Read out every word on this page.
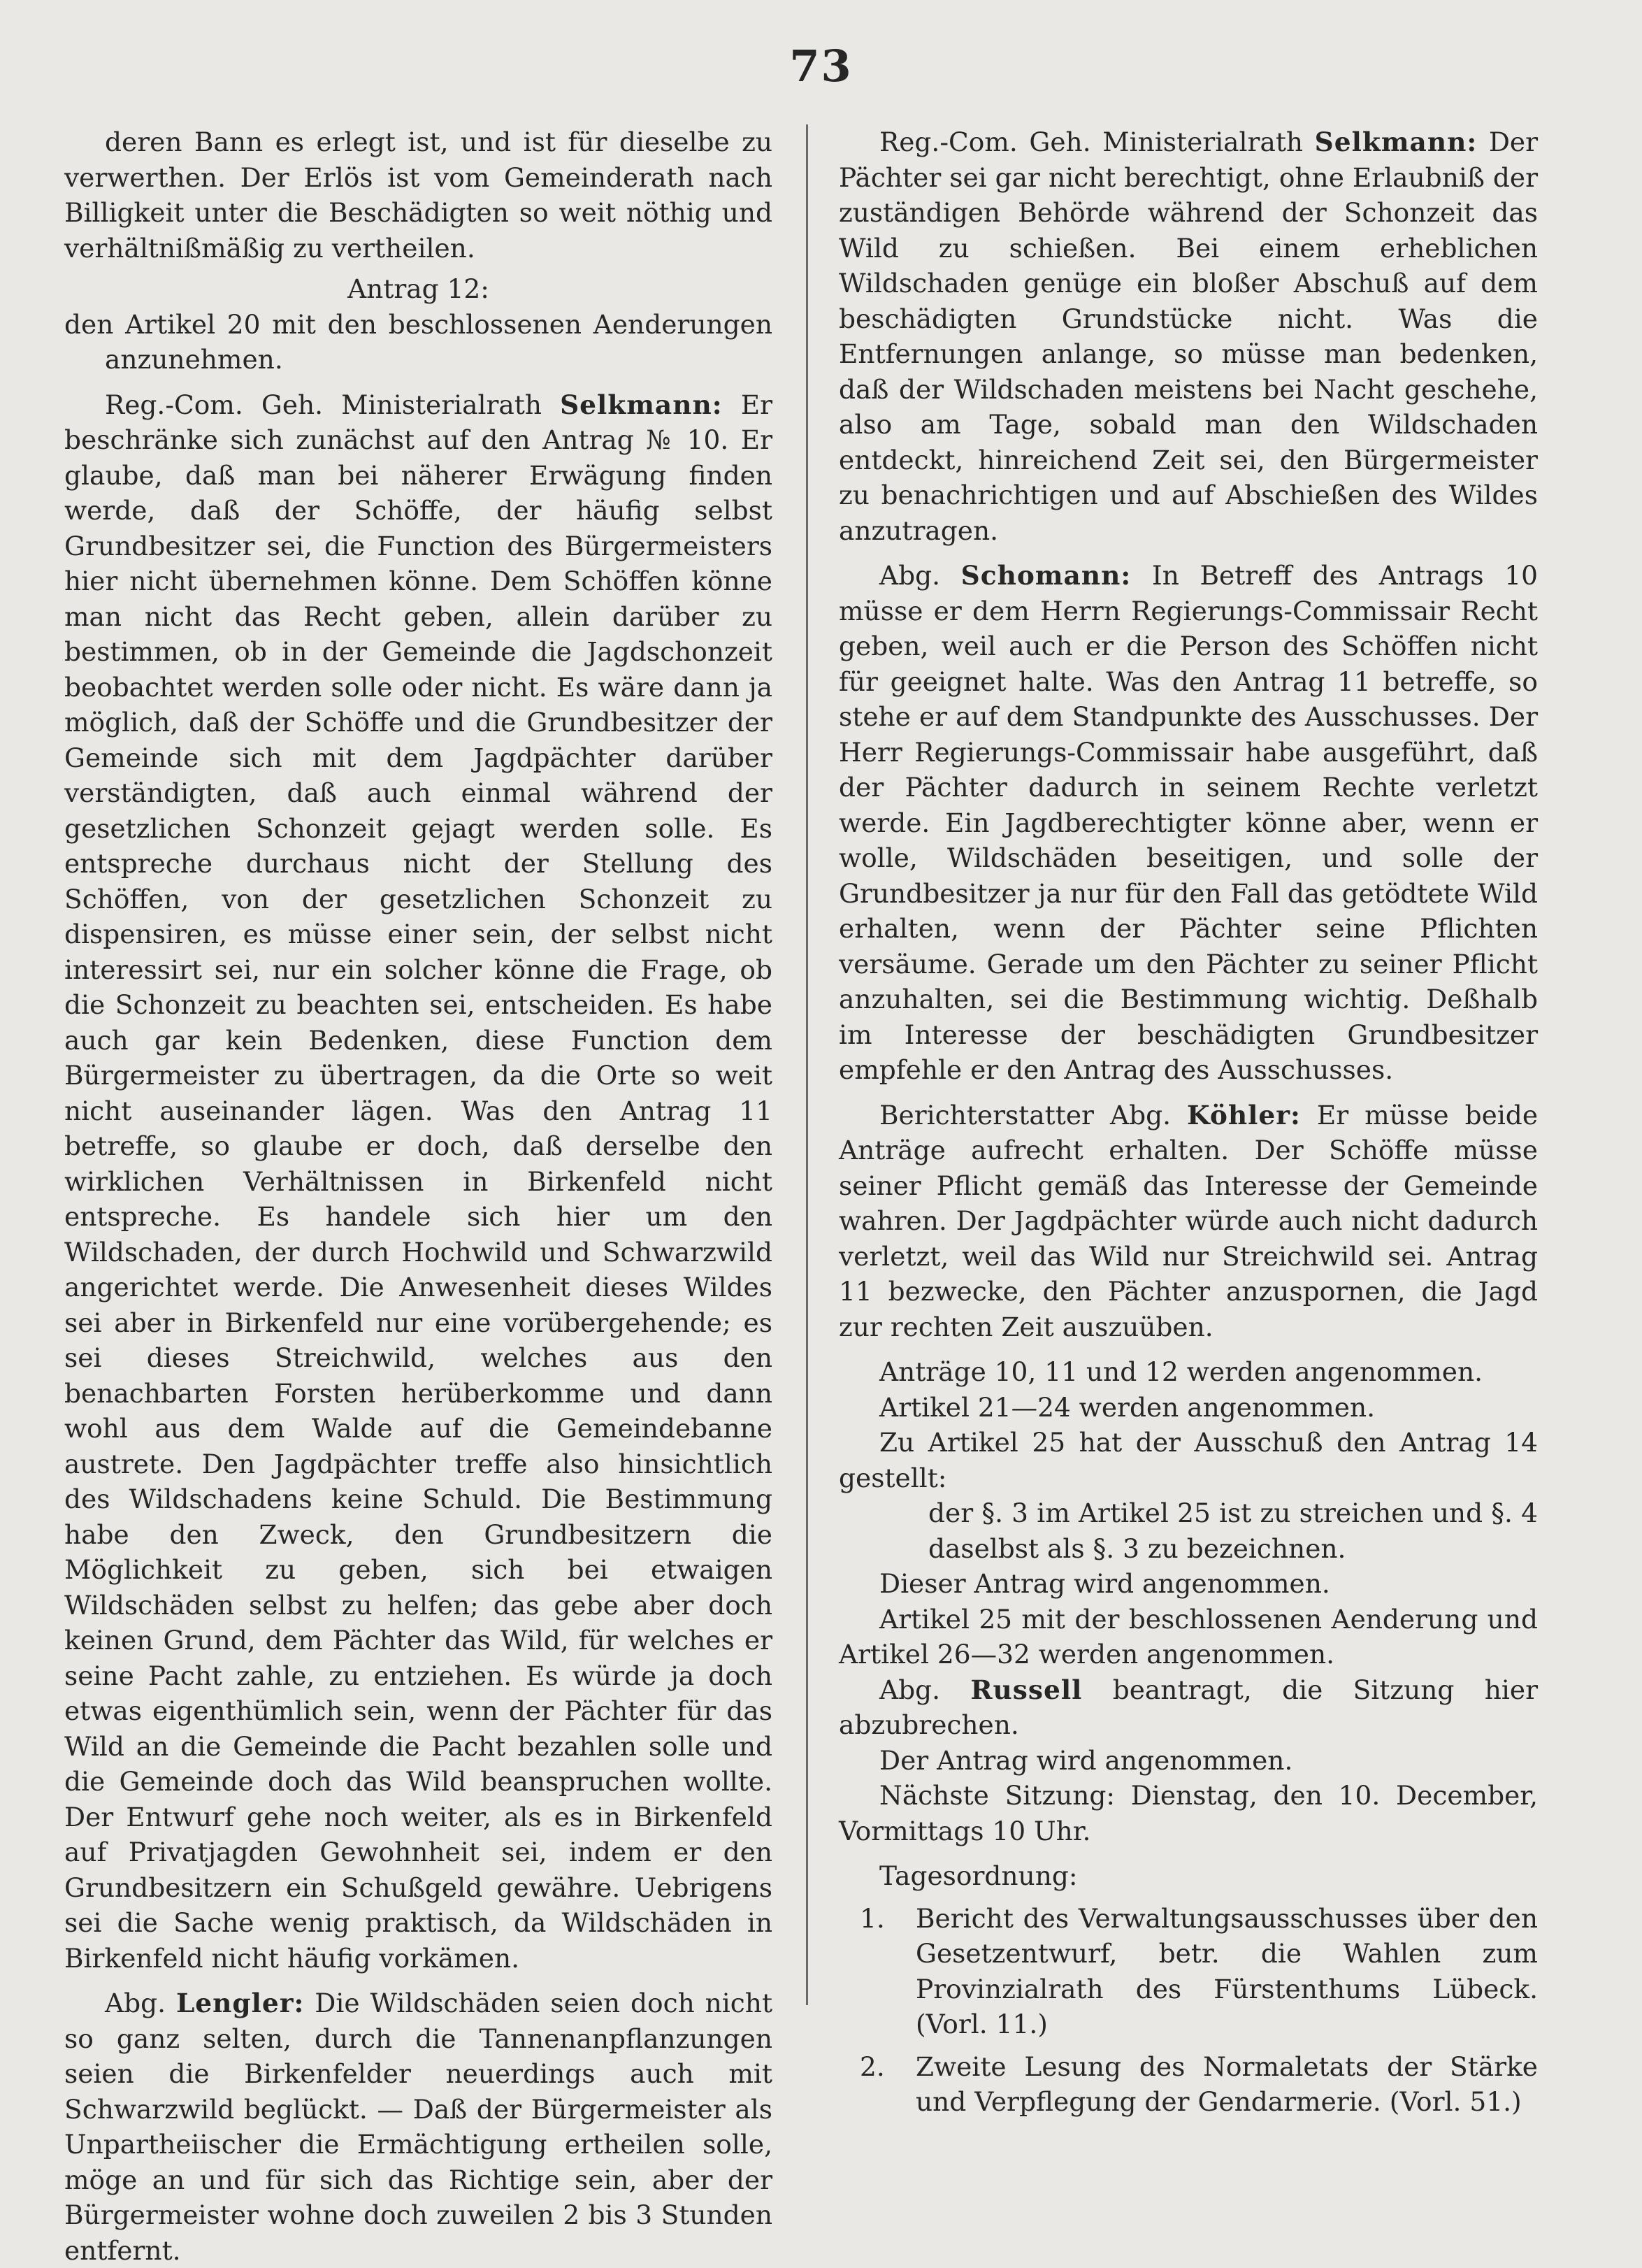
73

deren Bann es erlegt ist, und ist für dieselbe zu verwerthen. Der Erlös ist vom Gemeinderath nach Billigkeit unter die Beschädigten so weit nöthig und verhältnißmäßig zu vertheilen.

Antrag 12:

den Artikel 20 mit den beschlossenen Aenderungen anzunehmen.

Reg.-Com. Geh. Ministerialrath Selkmann: Er beschränke sich zunächst auf den Antrag № 10. Er glaube, daß man bei näherer Erwägung finden werde, daß der Schöffe, der häufig selbst Grundbesitzer sei, die Function des Bürgermeisters hier nicht übernehmen könne. Dem Schöffen könne man nicht das Recht geben, allein darüber zu bestimmen, ob in der Gemeinde die Jagdschonzeit beobachtet werden solle oder nicht. Es wäre dann ja möglich, daß der Schöffe und die Grundbesitzer der Gemeinde sich mit dem Jagdpächter darüber verständigten, daß auch einmal während der gesetzlichen Schonzeit gejagt werden solle. Es entspreche durchaus nicht der Stellung des Schöffen, von der gesetzlichen Schonzeit zu dispensiren, es müsse einer sein, der selbst nicht interessirt sei, nur ein solcher könne die Frage, ob die Schonzeit zu beachten sei, entscheiden. Es habe auch gar kein Bedenken, diese Function dem Bürgermeister zu übertragen, da die Orte so weit nicht auseinander lägen. Was den Antrag 11 betreffe, so glaube er doch, daß derselbe den wirklichen Verhältnissen in Birkenfeld nicht entspreche. Es handele sich hier um den Wildschaden, der durch Hochwild und Schwarzwild angerichtet werde. Die Anwesenheit dieses Wildes sei aber in Birkenfeld nur eine vorübergehende; es sei dieses Streichwild, welches aus den benachbarten Forsten herüberkomme und dann wohl aus dem Walde auf die Gemeindebanne austrete. Den Jagdpächter treffe also hinsichtlich des Wildschadens keine Schuld. Die Bestimmung habe den Zweck, den Grundbesitzern die Möglichkeit zu geben, sich bei etwaigen Wildschäden selbst zu helfen; das gebe aber doch keinen Grund, dem Pächter das Wild, für welches er seine Pacht zahle, zu entziehen. Es würde ja doch etwas eigenthümlich sein, wenn der Pächter für das Wild an die Gemeinde die Pacht bezahlen solle und die Gemeinde doch das Wild beanspruchen wollte. Der Entwurf gehe noch weiter, als es in Birkenfeld auf Privatjagden Gewohnheit sei, indem er den Grundbesitzern ein Schußgeld gewähre. Uebrigens sei die Sache wenig praktisch, da Wildschäden in Birkenfeld nicht häufig vorkämen.

Abg. Lengler: Die Wildschäden seien doch nicht so ganz selten, durch die Tannenanpflanzungen seien die Birkenfelder neuerdings auch mit Schwarzwild beglückt. — Daß der Bürgermeister als Unpartheiischer die Ermächtigung ertheilen solle, möge an und für sich das Richtige sein, aber der Bürgermeister wohne doch zuweilen 2 bis 3 Stunden entfernt.

Reg.-Com. Geh. Ministerialrath Selkmann: Der Pächter sei gar nicht berechtigt, ohne Erlaubniß der zuständigen Behörde während der Schonzeit das Wild zu schießen. Bei einem erheblichen Wildschaden genüge ein bloßer Abschuß auf dem beschädigten Grundstücke nicht. Was die Entfernungen anlange, so müsse man bedenken, daß der Wildschaden meistens bei Nacht geschehe, also am Tage, sobald man den Wildschaden entdeckt, hinreichend Zeit sei, den Bürgermeister zu benachrichtigen und auf Abschießen des Wildes anzutragen.

Abg. Schomann: In Betreff des Antrags 10 müsse er dem Herrn Regierungs-Commissair Recht geben, weil auch er die Person des Schöffen nicht für geeignet halte. Was den Antrag 11 betreffe, so stehe er auf dem Standpunkte des Ausschusses. Der Herr Regierungs-Commissair habe ausgeführt, daß der Pächter dadurch in seinem Rechte verletzt werde. Ein Jagdberechtigter könne aber, wenn er wolle, Wildschäden beseitigen, und solle der Grundbesitzer ja nur für den Fall das getödtete Wild erhalten, wenn der Pächter seine Pflichten versäume. Gerade um den Pächter zu seiner Pflicht anzuhalten, sei die Bestimmung wichtig. Deßhalb im Interesse der beschädigten Grundbesitzer empfehle er den Antrag des Ausschusses.

Berichterstatter Abg. Köhler: Er müsse beide Anträge aufrecht erhalten. Der Schöffe müsse seiner Pflicht gemäß das Interesse der Gemeinde wahren. Der Jagdpächter würde auch nicht dadurch verletzt, weil das Wild nur Streichwild sei. Antrag 11 bezwecke, den Pächter anzuspornen, die Jagd zur rechten Zeit auszuüben.

Anträge 10, 11 und 12 werden angenommen.

Artikel 21—24 werden angenommen.

Zu Artikel 25 hat der Ausschuß den Antrag 14 gestellt:

der §. 3 im Artikel 25 ist zu streichen und §. 4 daselbst als §. 3 zu bezeichnen.

Dieser Antrag wird angenommen.

Artikel 25 mit der beschlossenen Aenderung und Artikel 26—32 werden angenommen.

Abg. Russell beantragt, die Sitzung hier abzubrechen.

Der Antrag wird angenommen.

Nächste Sitzung: Dienstag, den 10. December, Vormittags 10 Uhr.

Tagesordnung:

1. Bericht des Verwaltungsausschusses über den Gesetzentwurf, betr. die Wahlen zum Provinzialrath des Fürstenthums Lübeck. (Vorl. 11.)

2. Zweite Lesung des Normaletats der Stärke und Verpflegung der Gendarmerie. (Vorl. 51.)
